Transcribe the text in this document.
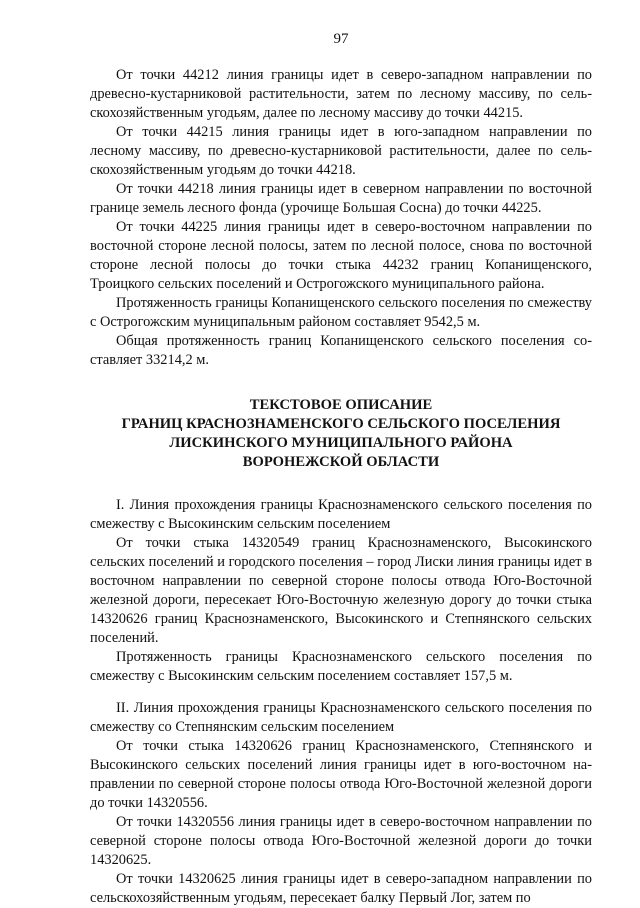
97

От точки 44212 линия границы идет в северо-западном направлении по древесно-кустарниковой растительности, затем по лесному массиву, по сельскохозяйственным угодьям, далее по лесному массиву до точки 44215.

От точки 44215 линия границы идет в юго-западном направлении по лесному массиву, по древесно-кустарниковой растительности, далее по сельскохозяйственным угодьям до точки 44218.

От точки 44218 линия границы идет в северном направлении по восточной границе земель лесного фонда (урочище Большая Сосна) до точки 44225.

От точки 44225 линия границы идет в северо-восточном направлении по восточной стороне лесной полосы, затем по лесной полосе, снова по восточной стороне лесной полосы до точки стыка 44232 границ Копанищенского, Троицкого сельских поселений и Острогожского муниципального района.

Протяженность границы Копанищенского сельского поселения по смежеству с Острогожским муниципальным районом составляет 9542,5 м.

Общая протяженность границ Копанищенского сельского поселения составляет 33214,2 м.

ТЕКСТОВОЕ ОПИСАНИЕ

ГРАНИЦ КРАСНОЗНАМЕНСКОГО СЕЛЬСКОГО ПОСЕЛЕНИЯ

ЛИСКИНСКОГО МУНИЦИПАЛЬНОГО РАЙОНА

ВОРОНЕЖСКОЙ ОБЛАСТИ

I. Линия прохождения границы Краснознаменского сельского поселения по смежеству с Высокинским сельским поселением

От точки стыка 14320549 границ Краснознаменского, Высокинского сельских поселений и городского поселения – город Лиски линия границы идет в восточном направлении по северной стороне полосы отвода Юго-Восточной железной дороги, пересекает Юго-Восточную железную дорогу до точки стыка 14320626 границ Краснознаменского, Высокинского и Степнянского сельских поселений.

Протяженность границы Краснознаменского сельского поселения по смежеству с Высокинским сельским поселением составляет 157,5 м.

II. Линия прохождения границы Краснознаменского сельского поселения по смежеству со Степнянским сельским поселением

От точки стыка 14320626 границ Краснознаменского, Степнянского и Высокинского сельских поселений линия границы идет в юго-восточном направлении по северной стороне полосы отвода Юго-Восточной железной дороги до точки 14320556.

От точки 14320556 линия границы идет в северо-восточном направлении по северной стороне полосы отвода Юго-Восточной железной дороги до точки 14320625.

От точки 14320625 линия границы идет в северо-западном направлении по сельскохозяйственным угодьям, пересекает балку Первый Лог, затем по
